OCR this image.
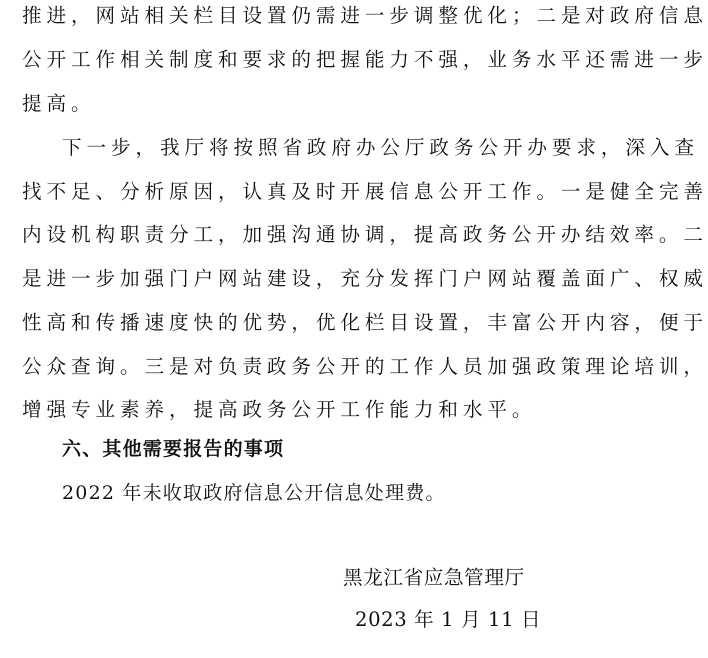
推进，网站相关栏目设置仍需进一步调整优化；二是对政府信息
公开工作相关制度和要求的把握能力不强，业务水平还需进一步
提高。
下一步，我厅将按照省政府办公厅政务公开办要求，深入查
找不足、分析原因，认真及时开展信息公开工作。一是健全完善
内设机构职责分工，加强沟通协调，提高政务公开办结效率。二
是进一步加强门户网站建设，充分发挥门户网站覆盖面广、权威
性高和传播速度快的优势，优化栏目设置，丰富公开内容，便于
公众查询。三是对负责政务公开的工作人员加强政策理论培训，
增强专业素养，提高政务公开工作能力和水平。
六、其他需要报告的事项
2022 年未收取政府信息公开信息处理费。
黑龙江省应急管理厅
2023 年 1 月 11 日
